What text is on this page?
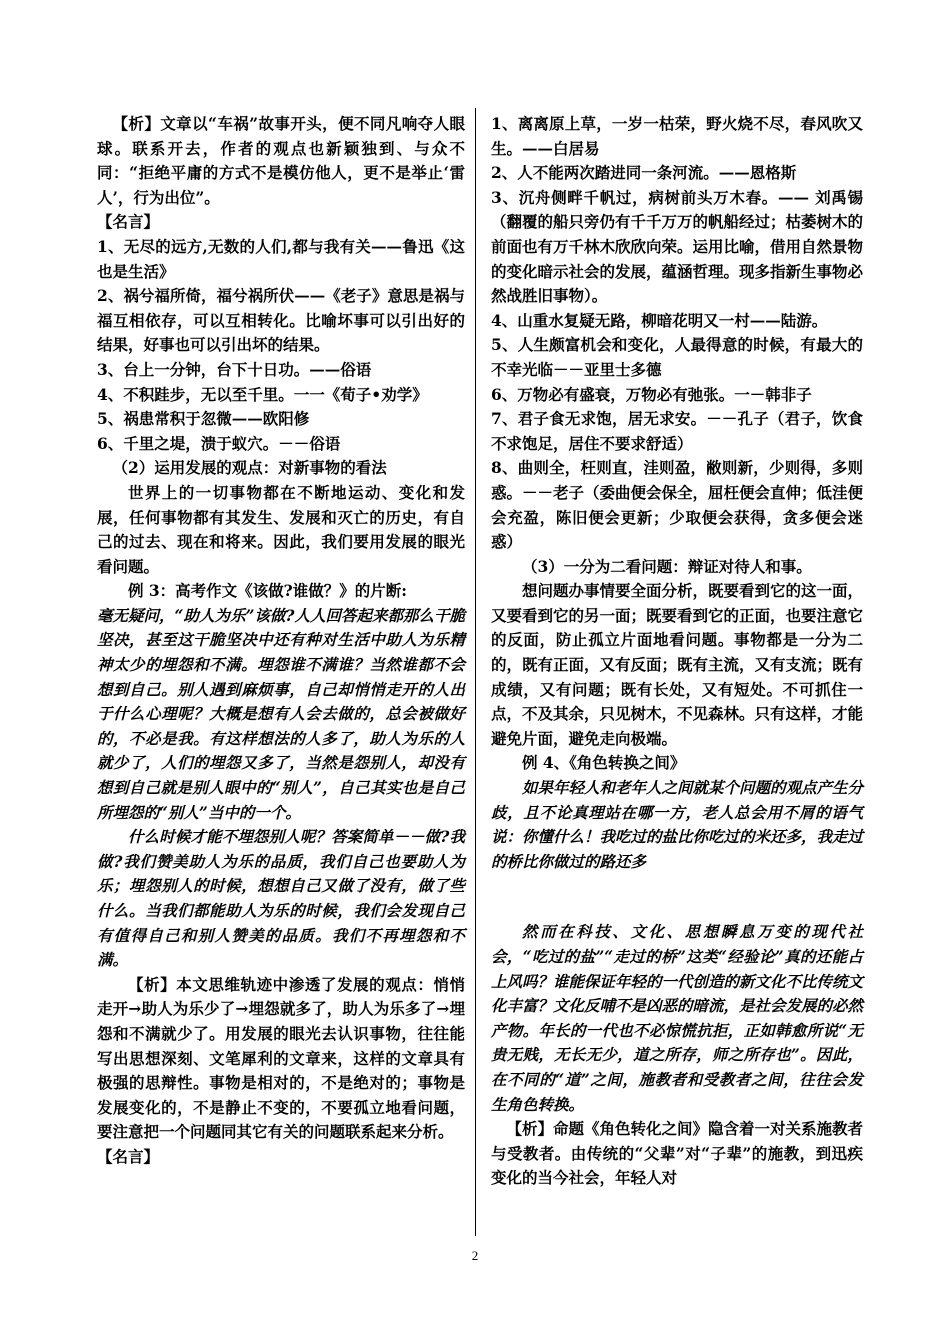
【析】文章以“车祸”故事开头，便不同凡响夺人眼球。联系开去，作者的观点也新颖独到、与众不同：“拒绝平庸的方式不是模仿他人，更不是举止‘雷人’，行为出位”。

【名言】

1、无尽的远方,无数的人们,都与我有关——鲁迅《这也是生活》

2、祸兮福所倚，福兮祸所伏——《老子》意思是祸与福互相依存，可以互相转化。比喻坏事可以引出好的结果，好事也可以引出坏的结果。

3、台上一分钟，台下十日功。——俗语

4、不积跬步，无以至千里。一一《荀子•劝学》

5、祸患常积于忽微——欧阳修

6、千里之堤，溃于蚁穴。－－俗语

（2）运用发展的观点：对新事物的看法

世界上的一切事物都在不断地运动、变化和发展，任何事物都有其发生、发展和灭亡的历史，有自己的过去、现在和将来。因此，我们要用发展的眼光看问题。

例 3：高考作文《该做?谁做？》的片断:

毫无疑问，“助人为乐”该做?人人回答起来都那么干脆坚决，甚至这干脆坚决中还有种对生活中助人为乐精神太少的埋怨和不满。埋怨谁不满谁？当然谁都不会想到自己。别人遇到麻烦事，自己却悄悄走开的人出于什么心理呢？大概是想有人会去做的，总会被做好的，不必是我。有这样想法的人多了，助人为乐的人就少了，人们的埋怨又多了，当然是怨别人，却没有想到自己就是别人眼中的“别人”，自己其实也是自己所埋怨的“别人”当中的一个。

什么时候才能不埋怨别人呢？答案简单－－做?我做?我们赞美助人为乐的品质，我们自己也要助人为乐；埋怨别人的时候，想想自己又做了没有，做了些什么。当我们都能助人为乐的时候，我们会发现自己有值得自己和别人赞美的品质。我们不再埋怨和不满。

【析】本文思维轨迹中渗透了发展的观点：悄悄走开→助人为乐少了→埋怨就多了，助人为乐多了→埋怨和不满就少了。用发展的眼光去认识事物，往往能写出思想深刻、文笔犀利的文章来，这样的文章具有极强的思辩性。事物是相对的，不是绝对的；事物是发展变化的，不是静止不变的，不要孤立地看问题，要注意把一个问题同其它有关的问题联系起来分析。

【名言】

1、离离原上草，一岁一枯荣，野火烧不尽，春风吹又生。——白居易

2、人不能两次踏进同一条河流。——恩格斯

3、沉舟侧畔千帆过，病树前头万木春。—— 刘禹锡（翻覆的船只旁仍有千千万万的帆船经过；枯萎树木的前面也有万千林木欣欣向荣。运用比喻，借用自然景物的变化暗示社会的发展，蕴涵哲理。现多指新生事物必然战胜旧事物）。

4、山重水复疑无路，柳暗花明又一村——陆游。

5、人生颇富机会和变化，人最得意的时候，有最大的不幸光临－－亚里士多德

6、万物必有盛衰，万物必有弛张。一－韩非子

7、君子食无求饱，居无求安。－－孔子（君子，饮食不求饱足，居住不要求舒适）

8、曲则全，枉则直，洼则盈，敝则新，少则得，多则惑。－－老子（委曲便会保全，屈枉便会直伸；低洼便会充盈，陈旧便会更新；少取便会获得，贪多便会迷惑）

（3）一分为二看问题：辩证对待人和事。

想问题办事情要全面分析，既要看到它的这一面，又要看到它的另一面；既要看到它的正面，也要注意它的反面，防止孤立片面地看问题。事物都是一分为二的，既有正面，又有反面；既有主流，又有支流；既有成绩，又有问题；既有长处，又有短处。不可抓住一点，不及其余，只见树木，不见森林。只有这样，才能避免片面，避免走向极端。

例 4、《角色转换之间》

如果年轻人和老年人之间就某个问题的观点产生分歧，且不论真理站在哪一方，老人总会用不屑的语气说：你懂什么！我吃过的盐比你吃过的米还多，我走过的桥比你做过的路还多

然而在科技、文化、思想瞬息万变的现代社会，“吃过的盐”“走过的桥”这类“经验论”真的还能占上风吗？谁能保证年轻的一代创造的新文化不比传统文化丰富？文化反哺不是凶恶的暗流，是社会发展的必然产物。年长的一代也不必惊慌抗拒，正如韩愈所说“无贵无贱，无长无少，道之所存，师之所存也”。因此，在不同的“道”之间，施教者和受教者之间，往往会发生角色转换。

【析】命题《角色转化之间》隐含着一对关系施教者与受教者。由传统的“父辈”对“子辈”的施教，到迅疾变化的当今社会，年轻人对

2
